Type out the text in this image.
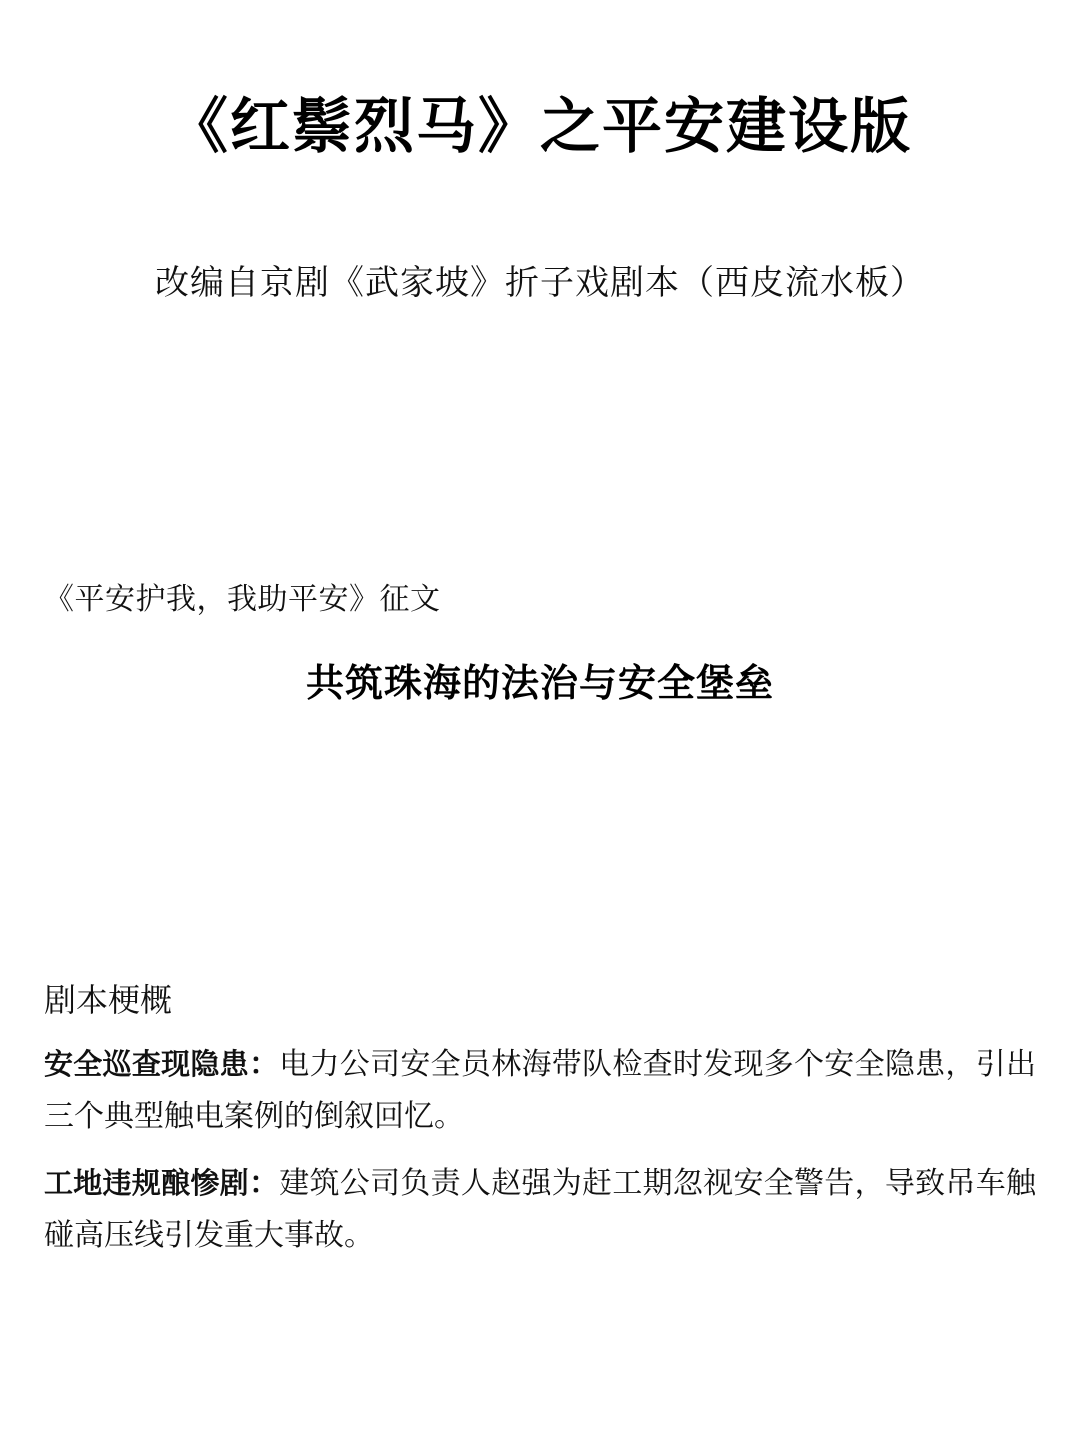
《红鬃烈马》之平安建设版

改编自京剧《武家坡》折子戏剧本（西皮流水板）

《平安护我，我助平安》征文

共筑珠海的法治与安全堡垒

剧本梗概

安全巡查现隐患：电力公司安全员林海带队检查时发现多个安全隐患，引出三个典型触电案例的倒叙回忆。

工地违规酿惨剧：建筑公司负责人赵强为赶工期忽视安全警告，导致吊车触碰高压线引发重大事故。
